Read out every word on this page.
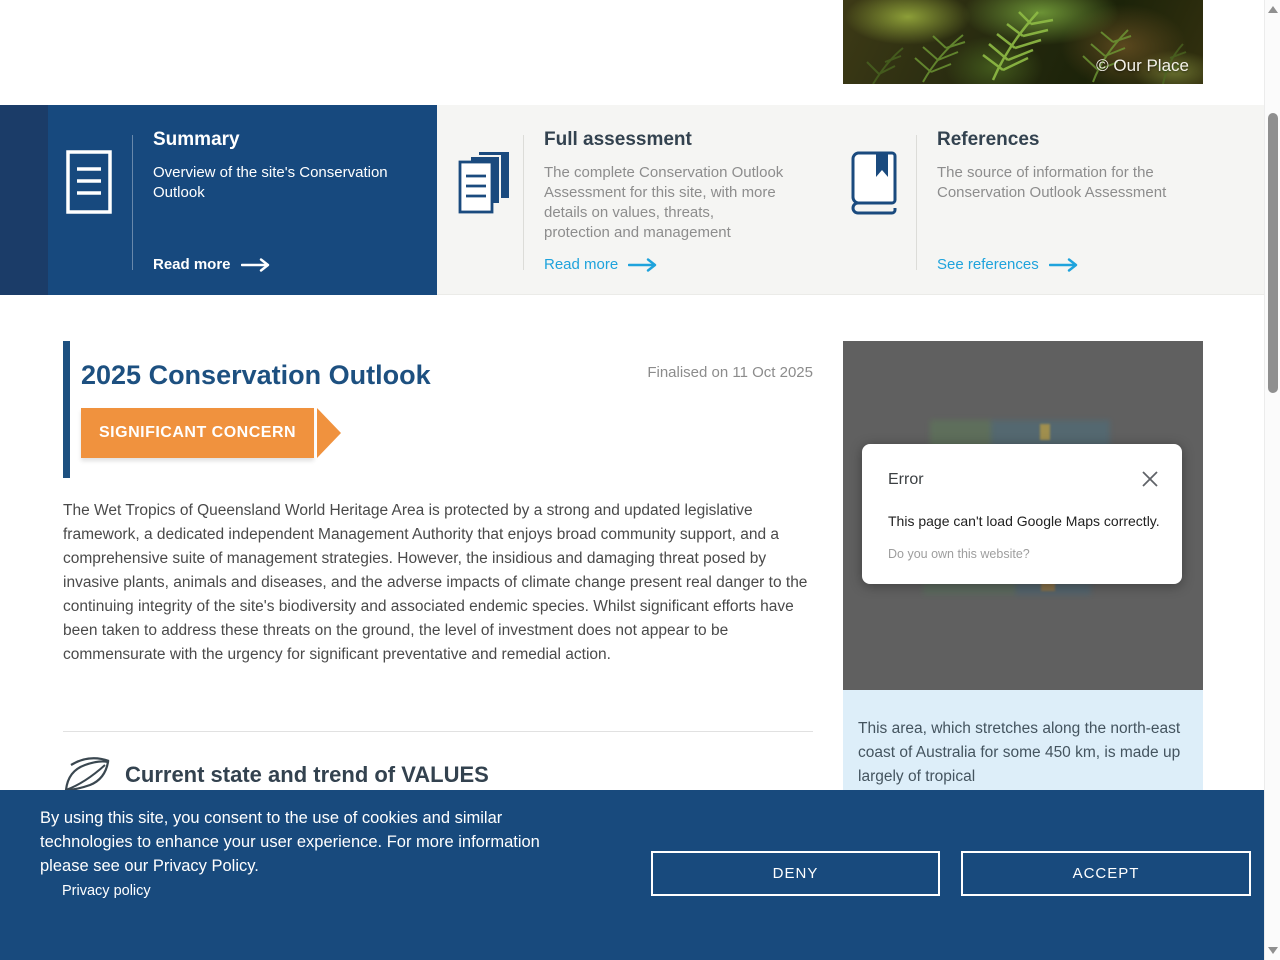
© Our Place
Summary
Overview of the site's Conservation Outlook
Read more
Full assessment
The complete Conservation Outlook Assessment for this site, with more details on values, threats, protection and management
Read more
References
The source of information for the Conservation Outlook Assessment
See references
2025 Conservation Outlook	Finalised on 11 Oct 2025
SIGNIFICANT CONCERN

The Wet Tropics of Queensland World Heritage Area is protected by a strong and updated legislative framework, a dedicated independent Management Authority that enjoys broad community support, and a comprehensive suite of management strategies. However, the insidious and damaging threat posed by invasive plants, animals and diseases, and the adverse impacts of climate change present real danger to the continuing integrity of the site's biodiversity and associated endemic species. Whilst significant efforts have been taken to address these threats on the ground, the level of investment does not appear to be commensurate with the urgency for significant preventative and remedial action.

Current state and trend of VALUES
Error
This page can't load Google Maps correctly.
Do you own this website?
This area, which stretches along the north-east coast of Australia for some 450 km, is made up largely of tropical
By using this site, you consent to the use of cookies and similar technologies to enhance your user experience. For more information please see our Privacy Policy.
Privacy policy
DENY	ACCEPT
